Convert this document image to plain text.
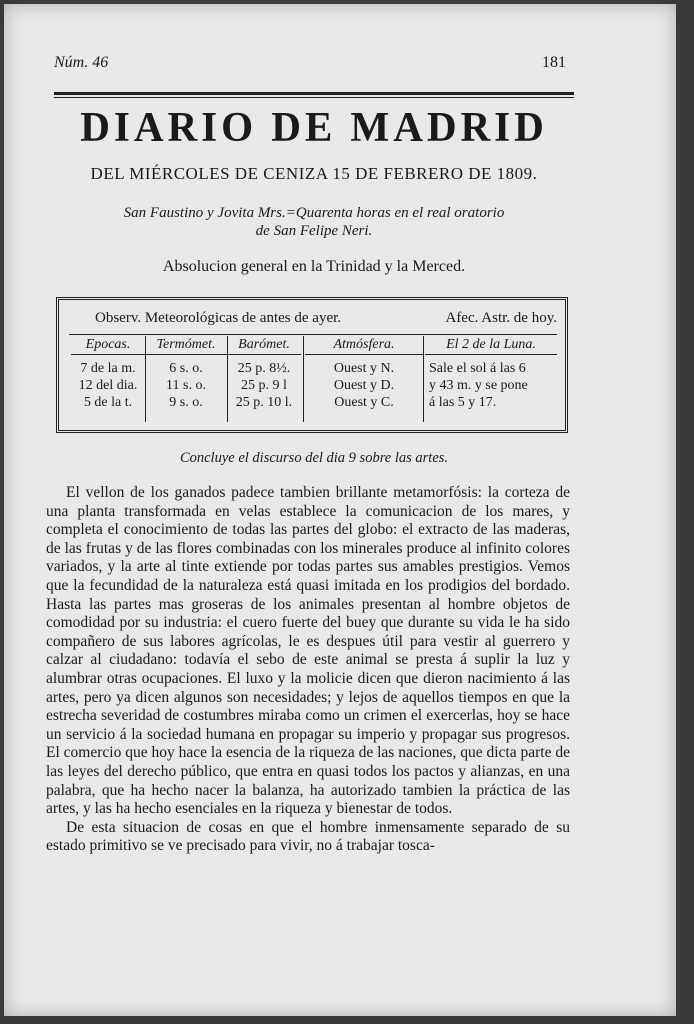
Núm. 46	181
DIARIO DE MADRID
DEL MIÉRCOLES DE CENIZA 15 DE FEBRERO DE 1809.
San Faustino y Jovita Mrs.=Quarenta horas en el real oratorio
de San Felipe Neri.
Absolucion general en la Trinidad y la Merced.
Observ. Meteorológicas de antes de ayer.	Afec. Astr. de hoy.
Epocas.
7 de la m.
12 del dia.
5 de la t.
Termómet.
6 s. o.
11 s. o.
9 s. o.
Barómet.
25 p. 8½.
25 p. 9 l
25 p. 10 l.
Atmósfera.
Ouest y N.
Ouest y D.
Ouest y C.
El 2 de la Luna.
Sale el sol á las 6
y 43 m. y se pone
á las 5 y 17.
Concluye el discurso del dia 9 sobre las artes.

El vellon de los ganados padece tambien brillante metamorfósis: la corteza de una planta transformada en velas establece la comunicacion de los mares, y completa el conocimiento de todas las partes del globo: el extracto de las maderas, de las frutas y de las flores combinadas con los minerales produce al infinito colores variados, y la arte al tinte extiende por todas partes sus amables prestigios. Vemos que la fecundidad de la naturaleza está quasi imitada en los prodigios del bordado. Hasta las partes mas groseras de los animales presentan al hombre objetos de comodidad por su industria: el cuero fuerte del buey que durante su vida le ha sido compañero de sus labores agrícolas, le es despues útil para vestir al guerrero y calzar al ciudadano: todavía el sebo de este animal se presta á suplir la luz y alumbrar otras ocupaciones. El luxo y la molicie dicen que dieron nacimiento á las artes, pero ya dicen algunos son necesidades; y lejos de aquellos tiempos en que la estrecha severidad de costumbres miraba como un crimen el exercerlas, hoy se hace un servicio á la sociedad humana en propagar su imperio y propagar sus progresos. El comercio que hoy hace la esencia de la riqueza de las naciones, que dicta parte de las leyes del derecho público, que entra en quasi todos los pactos y alianzas, en una palabra, que ha hecho nacer la balanza, ha autorizado tambien la práctica de las artes, y las ha hecho esenciales en la riqueza y bienestar de todos.

De esta situacion de cosas en que el hombre inmensamente separado de su estado primitivo se ve precisado para vivir, no á trabajar tosca-
